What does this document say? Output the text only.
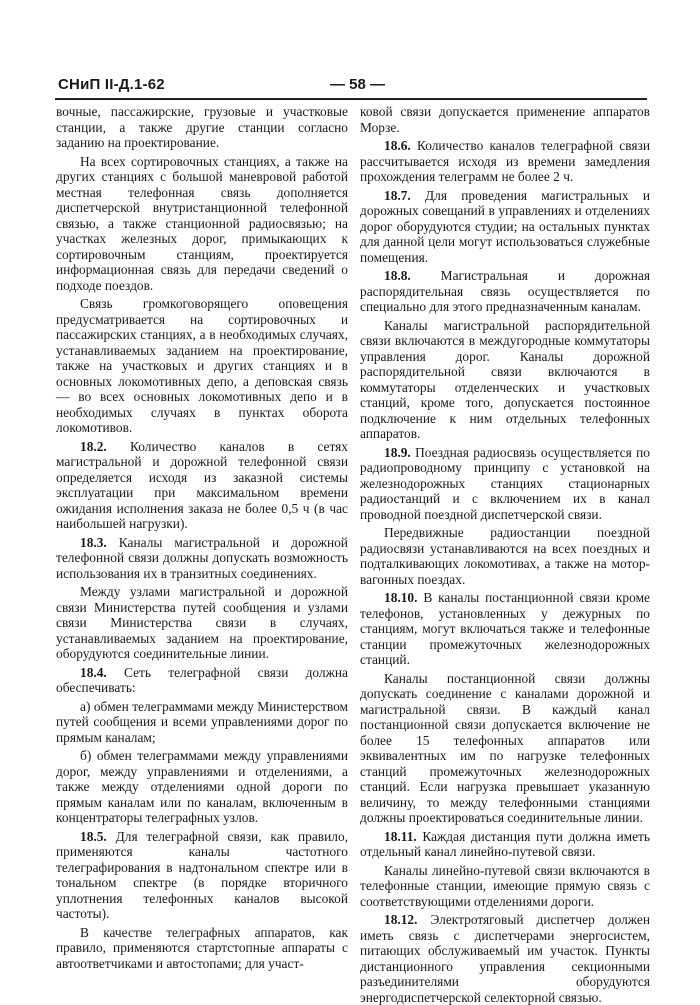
СНиП II-Д.1-62	— 58 —

вочные, пассажирские, грузовые и участковые станции, а также другие станции согласно заданию на проектирование.

На всех сортировочных станциях, а также на других станциях с большой маневровой работой местная телефонная связь дополняется диспетчерской внутристанционной телефонной связью, а также станционной радиосвязью; на участках железных дорог, примыкающих к сортировочным станциям, проектируется информационная связь для передачи сведений о подходе поездов.

Связь громкоговорящего оповещения предусматривается на сортировочных и пассажирских станциях, а в необходимых случаях, устанавливаемых заданием на проектирование, также на участковых и других станциях и в основных локомотивных депо, а деповская связь — во всех основных локомотивных депо и в необходимых случаях в пунктах оборота локомотивов.

18.2. Количество каналов в сетях магистральной и дорожной телефонной связи определяется исходя из заказной системы эксплуатации при максимальном времени ожидания исполнения заказа не более 0,5 ч (в час наибольшей нагрузки).

18.3. Каналы магистральной и дорожной телефонной связи должны допускать возможность использования их в транзитных соединениях.

Между узлами магистральной и дорожной связи Министерства путей сообщения и узлами связи Министерства связи в случаях, устанавливаемых заданием на проектирование, оборудуются соединительные линии.

18.4. Сеть телеграфной связи должна обеспечивать:

а) обмен телеграммами между Министерством путей сообщения и всеми управлениями дорог по прямым каналам;

б) обмен телеграммами между управлениями дорог, между управлениями и отделениями, а также между отделениями одной дороги по прямым каналам или по каналам, включенным в концентраторы телеграфных узлов.

18.5. Для телеграфной связи, как правило, применяются каналы частотного телеграфирования в надтональном спектре или в тональном спектре (в порядке вторичного уплотнения телефонных каналов высокой частоты).

В качестве телеграфных аппаратов, как правило, применяются стартстопные аппараты с автоответчиками и автостопами; для участ-

ковой связи допускается применение аппаратов Морзе.

18.6. Количество каналов телеграфной связи рассчитывается исходя из времени замедления прохождения телеграмм не более 2 ч.

18.7. Для проведения магистральных и дорожных совещаний в управлениях и отделениях дорог оборудуются студии; на остальных пунктах для данной цели могут использоваться служебные помещения.

18.8. Магистральная и дорожная распорядительная связь осуществляется по специально для этого предназначенным каналам.

Каналы магистральной распорядительной связи включаются в междугородные коммутаторы управления дорог. Каналы дорожной распорядительной связи включаются в коммутаторы отделенческих и участковых станций, кроме того, допускается постоянное подключение к ним отдельных телефонных аппаратов.

18.9. Поездная радиосвязь осуществляется по радиопроводному принципу с установкой на железнодорожных станциях стационарных радиостанций и с включением их в канал проводной поездной диспетчерской связи.

Передвижные радиостанции поездной радиосвязи устанавливаются на всех поездных и подталкивающих локомотивах, а также на мотор-вагонных поездах.

18.10. В каналы постанционной связи кроме телефонов, установленных у дежурных по станциям, могут включаться также и телефонные станции промежуточных железнодорожных станций.

Каналы постанционной связи должны допускать соединение с каналами дорожной и магистральной связи. В каждый канал постанционной связи допускается включение не более 15 телефонных аппаратов или эквивалентных им по нагрузке телефонных станций промежуточных железнодорожных станций. Если нагрузка превышает указанную величину, то между телефонными станциями должны проектироваться соединительные линии.

18.11. Каждая дистанция пути должна иметь отдельный канал линейно-путевой связи.

Каналы линейно-путевой связи включаются в телефонные станции, имеющие прямую связь с соответствующими отделениями дороги.

18.12. Электротяговый диспетчер должен иметь связь с диспетчерами энергосистем, питающих обслуживаемый им участок. Пункты дистанционного управления секционными разъединителями оборудуются энергодиспетчерской селекторной связью.
